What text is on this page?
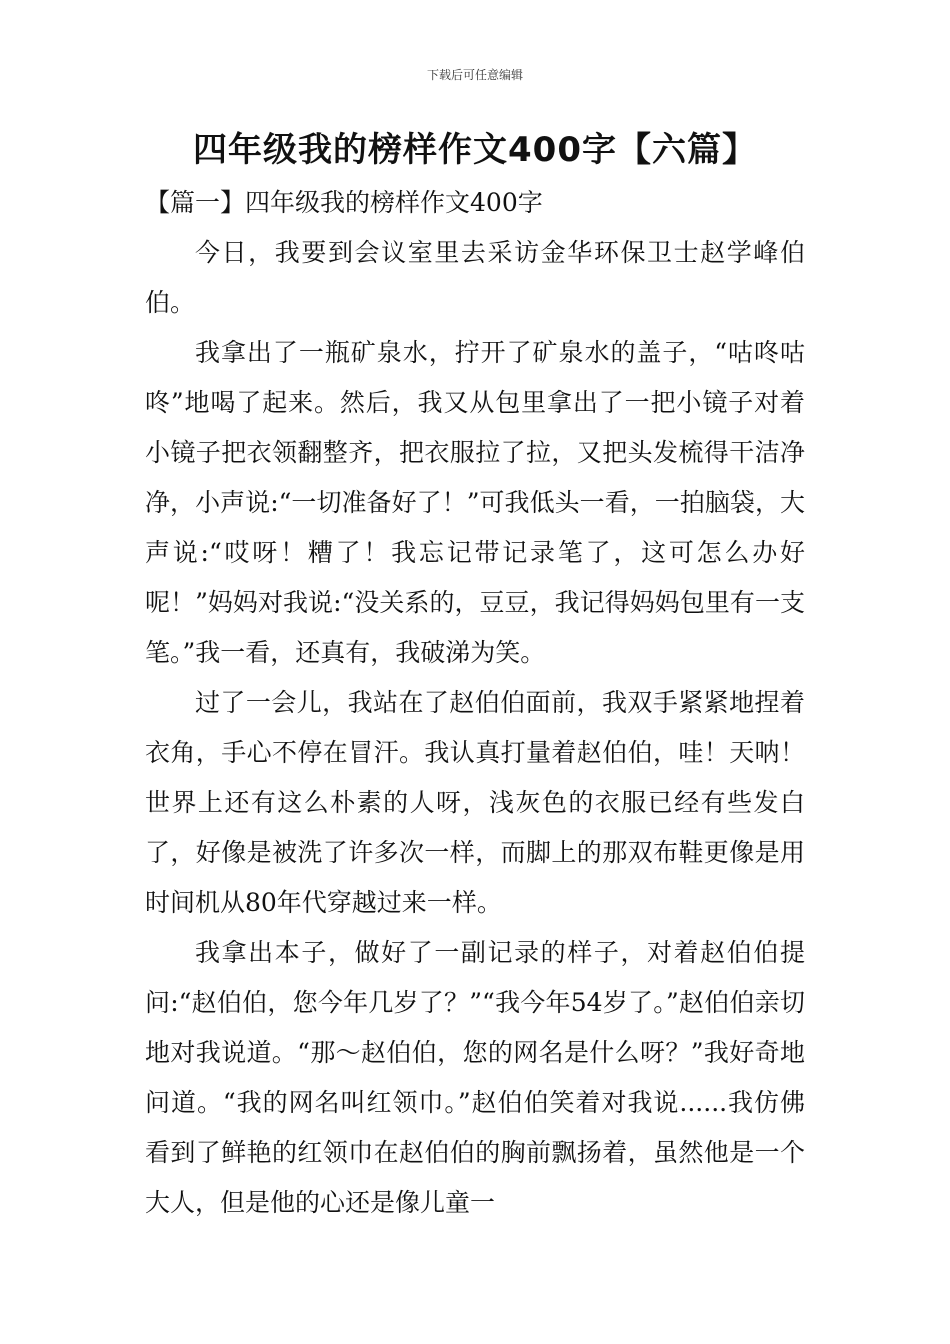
下载后可任意编辑
四年级我的榜样作文400字【六篇】

【篇一】四年级我的榜样作文400字

今日，我要到会议室里去采访金华环保卫士赵学峰伯伯。

我拿出了一瓶矿泉水，拧开了矿泉水的盖子，“咕咚咕咚”地喝了起来。然后，我又从包里拿出了一把小镜子对着小镜子把衣领翻整齐，把衣服拉了拉，又把头发梳得干洁净净，小声说:“一切准备好了！”可我低头一看，一拍脑袋，大声说:“哎呀！糟了！我忘记带记录笔了，这可怎么办好呢！”妈妈对我说:“没关系的，豆豆，我记得妈妈包里有一支笔。”我一看，还真有，我破涕为笑。

过了一会儿，我站在了赵伯伯面前，我双手紧紧地捏着衣角，手心不停在冒汗。我认真打量着赵伯伯，哇！天呐！世界上还有这么朴素的人呀，浅灰色的衣服已经有些发白了，好像是被洗了许多次一样，而脚上的那双布鞋更像是用时间机从80年代穿越过来一样。

我拿出本子，做好了一副记录的样子，对着赵伯伯提问:“赵伯伯，您今年几岁了？”“我今年54岁了。”赵伯伯亲切地对我说道。“那～赵伯伯，您的网名是什么呀？”我好奇地问道。“我的网名叫红领巾。”赵伯伯笑着对我说......我仿佛看到了鲜艳的红领巾在赵伯伯的胸前飘扬着，虽然他是一个大人，但是他的心还是像儿童一
